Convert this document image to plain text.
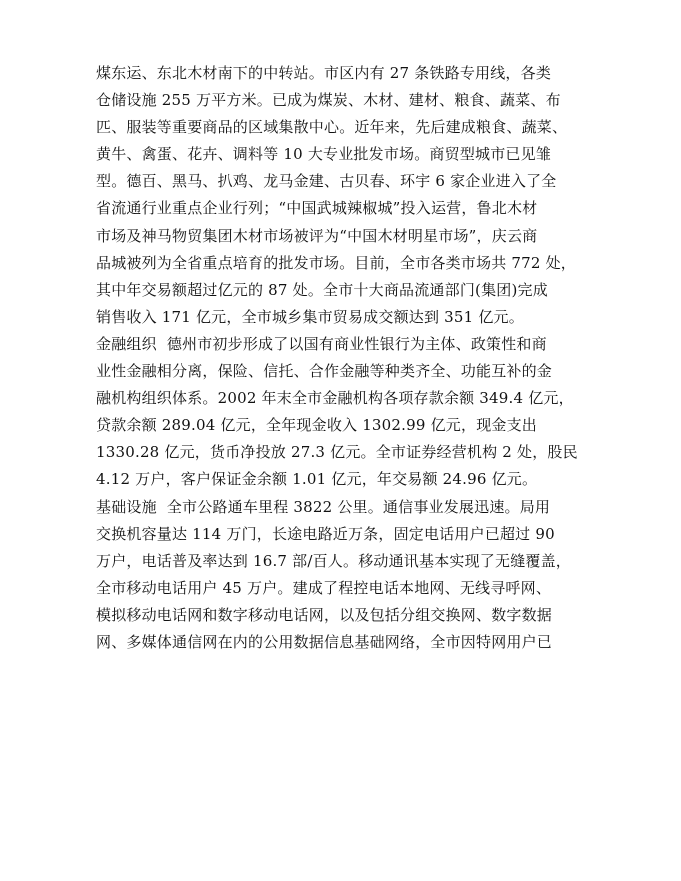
煤东运、东北木材南下的中转站。市区内有 27 条铁路专用线，各类
仓储设施 255 万平方米。已成为煤炭、木材、建材、粮食、蔬菜、布
匹、服装等重要商品的区域集散中心。近年来，先后建成粮食、蔬菜、
黄牛、禽蛋、花卉、调料等 10 大专业批发市场。商贸型城市已见雏
型。德百、黑马、扒鸡、龙马金建、古贝春、环宇 6 家企业进入了全
省流通行业重点企业行列；“中国武城辣椒城”投入运营，鲁北木材
市场及神马物贸集团木材市场被评为“中国木材明星市场”，庆云商
品城被列为全省重点培育的批发市场。目前，全市各类市场共 772 处，
其中年交易额超过亿元的 87 处。全市十大商品流通部门(集团)完成
销售收入 171 亿元，全市城乡集市贸易成交额达到 351 亿元。
金融组织 德州市初步形成了以国有商业性银行为主体、政策性和商
业性金融相分离，保险、信托、合作金融等种类齐全、功能互补的金
融机构组织体系。2002 年末全市金融机构各项存款余额 349.4 亿元，
贷款余额 289.04 亿元，全年现金收入 1302.99 亿元，现金支出
1330.28 亿元，货币净投放 27.3 亿元。全市证券经营机构 2 处，股民
4.12 万户，客户保证金余额 1.01 亿元，年交易额 24.96 亿元。
基础设施 全市公路通车里程 3822 公里。通信事业发展迅速。局用
交换机容量达 114 万门，长途电路近万条，固定电话用户已超过 90
万户，电话普及率达到 16.7 部/百人。移动通讯基本实现了无缝覆盖，
全市移动电话用户 45 万户。建成了程控电话本地网、无线寻呼网、
模拟移动电话网和数字移动电话网，以及包括分组交换网、数字数据
网、多媒体通信网在内的公用数据信息基础网络，全市因特网用户已
